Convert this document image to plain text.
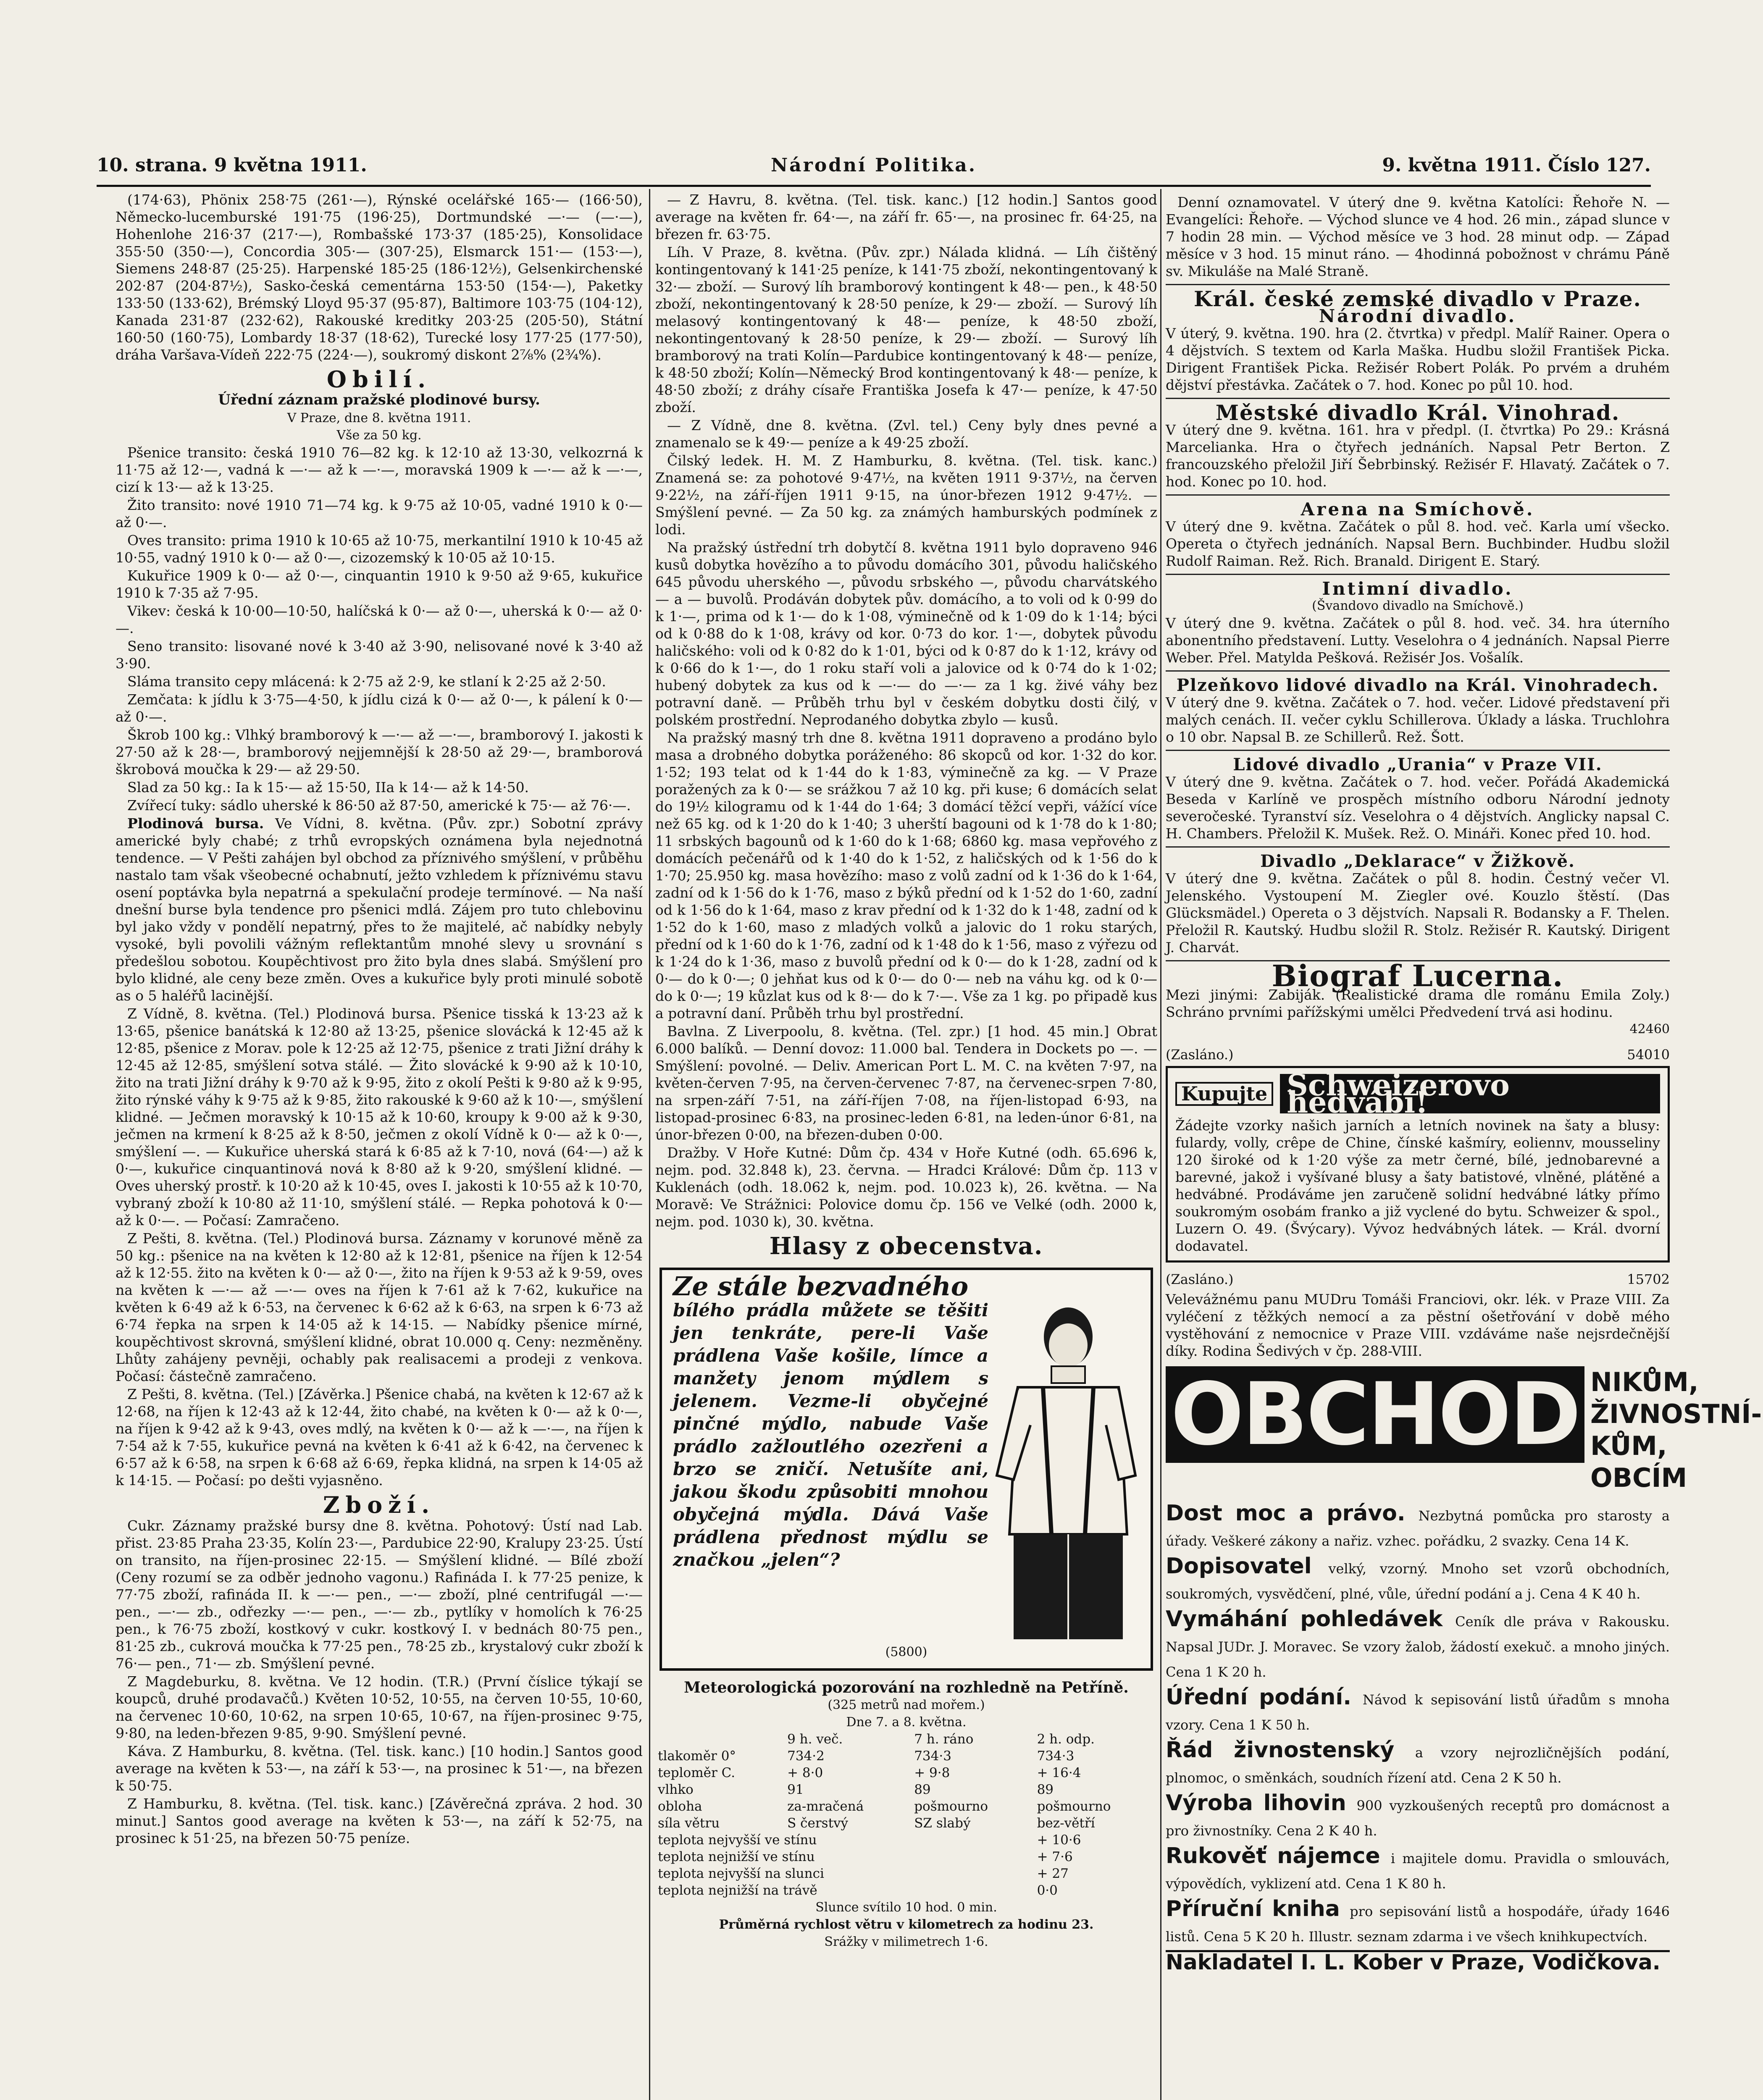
10. strana. 9 května 1911.	Národní Politika.	9. května 1911. Číslo 127.

(174·63), Phönix 258·75 (261·—), Rýnské ocelářské 165·— (166·50), Německo-lucemburské 191·75 (196·25), Dortmundské —·— (—·—), Hohenlohe 216·37 (217·—), Rombašské 173·37 (185·25), Konsolidace 355·50 (350·—), Concordia 305·— (307·25), Elsmarck 151·— (153·—), Siemens 248·87 (25·25). Harpenské 185·25 (186·12½), Gelsenkirchenské 202·87 (204·87½), Sasko-česká cementárna 153·50 (154·—), Paketky 133·50 (133·62), Brémský Lloyd 95·37 (95·87), Baltimore 103·75 (104·12), Kanada 231·87 (232·62), Rakouské kreditky 203·25 (205·50), Státní 160·50 (160·75), Lombardy 18·37 (18·62), Turecké losy 177·25 (177·50), dráha Varšava-Vídeň 222·75 (224·—), soukromý diskont 2⅞% (2¾%).

Obilí.
Úřední záznam pražské plodinové bursy.
V Praze, dne 8. května 1911.
Vše za 50 kg.

Pšenice transito: česká 1910 76—82 kg. k 12·10 až 13·30, velkozrná k 11·75 až 12·—, vadná k —·— až k —·—, moravská 1909 k —·— až k —·—, cizí k 13·— až k 13·25.

Žito transito: nové 1910 71—74 kg. k 9·75 až 10·05, vadné 1910 k 0·— až 0·—.

Oves transito: prima 1910 k 10·65 až 10·75, merkantilní 1910 k 10·45 až 10·55, vadný 1910 k 0·— až 0·—, cizozemský k 10·05 až 10·15.

Kukuřice 1909 k 0·— až 0·—, cinquantin 1910 k 9·50 až 9·65, kukuřice 1910 k 7·35 až 7·95.

Vikev: česká k 10·00—10·50, halíčská k 0·— až 0·—, uherská k 0·— až 0·—.

Seno transito: lisované nové k 3·40 až 3·90, nelisované nové k 3·40 až 3·90.

Sláma transito cepy mlácená: k 2·75 až 2·9, ke stlaní k 2·25 až 2·50.

Zemčata: k jídlu k 3·75—4·50, k jídlu cizá k 0·— až 0·—, k pálení k 0·— až 0·—.

Škrob 100 kg.: Vlhký bramborový k —·— až —·—, bramborový I. jakosti k 27·50 až k 28·—, bramborový nejjemnější k 28·50 až 29·—, bramborová škrobová moučka k 29·— až 29·50.

Slad za 50 kg.: Ia k 15·— až 15·50, IIa k 14·— až k 14·50.

Zvířecí tuky: sádlo uherské k 86·50 až 87·50, americké k 75·— až 76·—.

Plodinová bursa. Ve Vídni, 8. května. (Pův. zpr.) Sobotní zprávy americké byly chabé; z trhů evropských oznámena byla nejednotná tendence. — V Pešti zahájen byl obchod za příznivého smýšlení, v průběhu nastalo tam však všeobecné ochabnutí, ježto vzhledem k příznivému stavu osení poptávka byla nepatrná a spekulační prodeje termínové. — Na naší dnešní burse byla tendence pro pšenici mdlá. Zájem pro tuto chlebovinu byl jako vždy v pondělí nepatrný, přes to že majitelé, ač nabídky nebyly vysoké, byli povolili vážným reflektantům mnohé slevy u srovnání s předešlou sobotou. Koupěchtivost pro žito byla dnes slabá. Smýšlení pro bylo klidné, ale ceny beze změn. Oves a kukuřice byly proti minulé sobotě as o 5 haléřů lacinější.

Z Vídně, 8. května. (Tel.) Plodinová bursa. Pšenice tisská k 13·23 až k 13·65, pšenice banátská k 12·80 až 13·25, pšenice slovácká k 12·45 až k 12·85, pšenice z Morav. pole k 12·25 až 12·75, pšenice z trati Jižní dráhy k 12·45 až 12·85, smýšlení sotva stálé. — Žito slovácké k 9·90 až k 10·10, žito na trati Jižní dráhy k 9·70 až k 9·95, žito z okolí Pešti k 9·80 až k 9·95, žito rýnské váhy k 9·75 až k 9·85, žito rakouské k 9·60 až k 10·—, smýšlení klidné. — Ječmen moravský k 10·15 až k 10·60, kroupy k 9·00 až k 9·30, ječmen na krmení k 8·25 až k 8·50, ječmen z okolí Vídně k 0·— až k 0·—, smýšlení —. — Kukuřice uherská stará k 6·85 až k 7·10, nová (64·—) až k 0·—, kukuřice cinquantinová nová k 8·80 až k 9·20, smýšlení klidné. — Oves uherský prostř. k 10·20 až k 10·45, oves I. jakosti k 10·55 až k 10·70, vybraný zboží k 10·80 až 11·10, smýšlení stálé. — Repka pohotová k 0·— až k 0·—. — Počasí: Zamračeno.

Z Pešti, 8. května. (Tel.) Plodinová bursa. Záznamy v korunové měně za 50 kg.: pšenice na na květen k 12·80 až k 12·81, pšenice na říjen k 12·54 až k 12·55. žito na květen k 0·— až 0·—, žito na říjen k 9·53 až k 9·59, oves na květen k —·— až —·— oves na říjen k 7·61 až k 7·62, kukuřice na květen k 6·49 až k 6·53, na červenec k 6·62 až k 6·63, na srpen k 6·73 až 6·74 řepka na srpen k 14·05 až k 14·15. — Nabídky pšenice mírné, koupěchtivost skrovná, smýšlení klidné, obrat 10.000 q. Ceny: nezměněny. Lhůty zahájeny pevněji, ochably pak realisacemi a prodeji z venkova. Počasí: částečně zamračeno.

Z Pešti, 8. května. (Tel.) [Závěrka.] Pšenice chabá, na květen k 12·67 až k 12·68, na říjen k 12·43 až k 12·44, žito chabé, na květen k 0·— až k 0·—, na říjen k 9·42 až k 9·43, oves mdlý, na květen k 0·— až k —·—, na říjen k 7·54 až k 7·55, kukuřice pevná na květen k 6·41 až k 6·42, na červenec k 6·57 až k 6·58, na srpen k 6·68 až 6·69, řepka klidná, na srpen k 14·05 až k 14·15. — Počasí: po dešti vyjasněno.

Zboží.

Cukr. Záznamy pražské bursy dne 8. května. Pohotový: Ústí nad Lab. přist. 23·85 Praha 23·35, Kolín 23·—, Pardubice 22·90, Kralupy 23·25. Ústí on transito, na říjen-prosinec 22·15. — Smýšlení klidné. — Bílé zboží (Ceny rozumí se za odběr jednoho vagonu.) Rafináda I. k 77·25 penize, k 77·75 zboží, rafináda II. k —·— pen., —·— zboží, plné centrifugál —·— pen., —·— zb., odřezky —·— pen., —·— zb., pytlíky v homolích k 76·25 pen., k 76·75 zboží, kostkový v cukr. kostkový I. v bednách 80·75 pen., 81·25 zb., cukrová moučka k 77·25 pen., 78·25 zb., krystalový cukr zboží k 76·— pen., 71·— zb. Smýšlení pevné.

Z Magdeburku, 8. května. Ve 12 hodin. (T.R.) (První číslice týkají se koupců, druhé prodavačů.) Květen 10·52, 10·55, na červen 10·55, 10·60, na červenec 10·60, 10·62, na srpen 10·65, 10·67, na říjen-prosinec 9·75, 9·80, na leden-březen 9·85, 9·90. Smýšlení pevné.

Káva. Z Hamburku, 8. května. (Tel. tisk. kanc.) [10 hodin.] Santos good average na květen k 53·—, na září k 53·—, na prosinec k 51·—, na březen k 50·75.

Z Hamburku, 8. května. (Tel. tisk. kanc.) [Závěrečná zpráva. 2 hod. 30 minut.] Santos good average na květen k 53·—, na září k 52·75, na prosinec k 51·25, na březen 50·75 peníze.

— Z Havru, 8. května. (Tel. tisk. kanc.) [12 hodin.] Santos good average na květen fr. 64·—, na září fr. 65·—, na prosinec fr. 64·25, na březen fr. 63·75.

Líh. V Praze, 8. května. (Pův. zpr.) Nálada klidná. — Líh čištěný kontingentovaný k 141·25 peníze, k 141·75 zboží, nekontingentovaný k 32·— zboží. — Surový líh bramborový kontingent k 48·— pen., k 48·50 zboží, nekontingentovaný k 28·50 peníze, k 29·— zboží. — Surový líh melasový kontingentovaný k 48·— peníze, k 48·50 zboží, nekontingentovaný k 28·50 peníze, k 29·— zboží. — Surový líh bramborový na trati Kolín—Pardubice kontingentovaný k 48·— peníze, k 48·50 zboží; Kolín—Německý Brod kontingentovaný k 48·— peníze, k 48·50 zboží; z dráhy císaře Františka Josefa k 47·— peníze, k 47·50 zboží.

— Z Vídně, dne 8. května. (Zvl. tel.) Ceny byly dnes pevné a znamenalo se k 49·— peníze a k 49·25 zboží.

Čilský ledek. H. M. Z Hamburku, 8. května. (Tel. tisk. kanc.) Znamená se: za pohotové 9·47½, na květen 1911 9·37½, na červen 9·22½, na září-říjen 1911 9·15, na únor-březen 1912 9·47½. — Smýšlení pevné. — Za 50 kg. za známých hamburských podmínek z lodi.

Na pražský ústřední trh dobytčí 8. května 1911 bylo dopraveno 946 kusů dobytka hovězího a to původu domácího 301, původu haličského 645 původu uherského —, původu srbského —, původu charvátského — a — buvolů. Prodáván dobytek pův. domácího, a to voli od k 0·99 do k 1·—, prima od k 1·— do k 1·08, výminečně od k 1·09 do k 1·14; býci od k 0·88 do k 1·08, krávy od kor. 0·73 do kor. 1·—, dobytek původu haličského: voli od k 0·82 do k 1·01, býci od k 0·87 do k 1·12, krávy od k 0·66 do k 1·—, do 1 roku staří voli a jalovice od k 0·74 do k 1·02; hubený dobytek za kus od k —·— do —·— za 1 kg. živé váhy bez potravní daně. — Průběh trhu byl v českém dobytku dosti čilý, v polském prostřední. Neprodaného dobytka zbylo — kusů.

Na pražský masný trh dne 8. května 1911 dopraveno a prodáno bylo masa a drobného dobytka poráženého: 86 skopců od kor. 1·32 do kor. 1·52; 193 telat od k 1·44 do k 1·83, výminečně za kg. — V Praze poražených za k 0·— se srážkou 7 až 10 kg. při kuse; 6 domácích selat do 19½ kilogramu od k 1·44 do 1·64; 3 domácí těžcí vepři, vážící více než 65 kg. od k 1·20 do k 1·40; 3 uherští bagouni od k 1·78 do k 1·80; 11 srbských bagounů od k 1·60 do k 1·68; 6860 kg. masa vepřového z domácích pečenářů od k 1·40 do k 1·52, z haličských od k 1·56 do k 1·70; 25.950 kg. masa hovězího: maso z volů zadní od k 1·36 do k 1·64, zadní od k 1·56 do k 1·76, maso z býků přední od k 1·52 do 1·60, zadní od k 1·56 do k 1·64, maso z krav přední od k 1·32 do k 1·48, zadní od k 1·52 do k 1·60, maso z mladých volků a jalovic do 1 roku starých, přední od k 1·60 do k 1·76, zadní od k 1·48 do k 1·56, maso z výřezu od k 1·24 do k 1·36, maso z buvolů přední od k 0·— do k 1·28, zadní od k 0·— do k 0·—; 0 jehňat kus od k 0·— do 0·— neb na váhu kg. od k 0·— do k 0·—; 19 kůzlat kus od k 8·— do k 7·—. Vše za 1 kg. po připadě kus a potravní daní. Průběh trhu byl prostřední.

Bavlna. Z Liverpoolu, 8. května. (Tel. zpr.) [1 hod. 45 min.] Obrat 6.000 balíků. — Denní dovoz: 11.000 bal. Tendera in Dockets po —. — Smýšlení: povolné. — Deliv. American Port L. M. C. na květen 7·97, na květen-červen 7·95, na červen-červenec 7·87, na červenec-srpen 7·80, na srpen-září 7·51, na září-říjen 7·08, na říjen-listopad 6·93, na listopad-prosinec 6·83, na prosinec-leden 6·81, na leden-únor 6·81, na únor-březen 0·00, na březen-duben 0·00.

Dražby. V Hoře Kutné: Dům čp. 434 v Hoře Kutné (odh. 65.696 k, nejm. pod. 32.848 k), 23. června. — Hradci Králové: Dům čp. 113 v Kuklenách (odh. 18.062 k, nejm. pod. 10.023 k), 26. května. — Na Moravě: Ve Strážnici: Polovice domu čp. 156 ve Velké (odh. 2000 k, nejm. pod. 1030 k), 30. května.

Hlasy z obecenstva.
Ze stále bezvadného
bílého prádla můžete se těšiti jen tenkráte, pere-li Vaše prádlena Vaše košile, límce a manžety jenom mýdlem s jelenem. Vezme-li obyčejné pinčné mýdlo, nabude Vaše prádlo zažloutlého ozezřeni a brzo se zničí. Netušíte ani, jakou škodu způsobiti mnohou obyčejná mýdla. Dává Vaše prádlena přednost mýdlu se značkou „jelen“?
(5800)
Meteorologická pozorování na rozhledně na Petříně.
(325 metrů nad mořem.)
Dne 7. a 8. května.
	9 h. več.	7 h. ráno	2 h. odp.
tlakoměr 0°	734·2	734·3	734·3
teploměr C.	+ 8·0	+ 9·8	+ 16·4
vlhko	91	89	89
obloha	za-mračená	pošmourno	pošmourno
síla větru	S čerstvý	SZ slabý	bez-větří
teplota nejvyšší ve stínu			+ 10·6
teplota nejnižší ve stínu			+ 7·6
teplota nejvyšší na slunci			+ 27
teplota nejnižší na trávě			0·0
Slunce svítilo 10 hod. 0 min.
Průměrná rychlost větru v kilometrech za hodinu 23.
Srážky v milimetrech 1·6.

Denní oznamovatel. V úterý dne 9. května Katolíci: Řehoře N. — Evangelíci: Řehoře. — Východ slunce ve 4 hod. 26 min., západ slunce v 7 hodin 28 min. — Východ měsíce ve 3 hod. 28 minut odp. — Západ měsíce v 3 hod. 15 minut ráno. — 4hodinná pobožnost v chrámu Páně sv. Mikuláše na Malé Straně.

Král. české zemské divadlo v Praze.
Národní divadlo.
V úterý, 9. května. 190. hra (2. čtvrtka) v předpl. Malíř Rainer. Opera o 4 dějstvích. S textem od Karla Maška. Hudbu složil František Picka. Dirigent František Picka. Režisér Robert Polák. Po prvém a druhém dějství přestávka. Začátek o 7. hod. Konec po půl 10. hod.
Městské divadlo Král. Vinohrad.
V úterý dne 9. května. 161. hra v předpl. (I. čtvrtka) Po 29.: Krásná Marcelianka. Hra o čtyřech jednáních. Napsal Petr Berton. Z francouzského přeložil Jiří Šebrbinský. Režisér F. Hlavatý. Začátek o 7. hod. Konec po 10. hod.
Arena na Smíchově.
V úterý dne 9. května. Začátek o půl 8. hod. več. Karla umí všecko. Opereta o čtyřech jednáních. Napsal Bern. Buchbinder. Hudbu složil Rudolf Raiman. Rež. Rich. Branald. Dirigent E. Starý.
Intimní divadlo.
(Švandovo divadlo na Smíchově.)
V úterý dne 9. května. Začátek o půl 8. hod. več. 34. hra úterního abonentního představení. Lutty. Veselohra o 4 jednáních. Napsal Pierre Weber. Přel. Matylda Pešková. Režisér Jos. Vošalík.
Plzeňkovo lidové divadlo na Král. Vinohradech.
V úterý dne 9. května. Začátek o 7. hod. večer. Lidové představení při malých cenách. II. večer cyklu Schillerova. Úklady a láska. Truchlohra o 10 obr. Napsal B. ze Schillerů. Rež. Šott.
Lidové divadlo „Urania“ v Praze VII.
V úterý dne 9. května. Začátek o 7. hod. večer. Pořádá Akademická Beseda v Karlíně ve prospěch místního odboru Národní jednoty severočeské. Tyranství síz. Veselohra o 4 dějstvích. Anglicky napsal C. H. Chambers. Přeložil K. Mušek. Rež. O. Mináři. Konec před 10. hod.
Divadlo „Deklarace“ v Žižkově.
V úterý dne 9. května. Začátek o půl 8. hodin. Čestný večer Vl. Jelenského. Vystoupení M. Ziegler ové. Kouzlo štěstí. (Das Glücksmädel.) Opereta o 3 dějstvích. Napsali R. Bodansky a F. Thelen. Přeložil R. Kautský. Hudbu složil R. Stolz. Režisér R. Kautský. Dirigent J. Charvát.
Biograf Lucerna.
Mezi jinými: Zabiják. (Realistické drama dle románu Emila Zoly.) Schráno prvními pařížskými umělci Předvedení trvá asi hodinu.
42460
(Zasláno.)	54010
Kupujte Schweizerovo hedvábí!
Žádejte vzorky našich jarních a letních novinek na šaty a blusy: fulardy, volly, crêpe de Chine, čínské kašmíry, eoliennv, mousseliny 120 široké od k 1·20 výše za metr černé, bílé, jednobarevné a barevné, jakož i vyšívané blusy a šaty batistové, vlněné, plátěné a hedvábné. Prodáváme jen zaručeně solidní hedvábné látky přímo soukromým osobám franko a již vyclené do bytu. Schweizer & spol., Luzern O. 49. (Švýcary). Vývoz hedvábných látek. — Král. dvorní dodavatel.
(Zasláno.)	15702
Velevážnému panu MUDru Tomáši Franciovi, okr. lék. v Praze VIII. Za vyléčení z těžkých nemocí a za pěstní ošetřování v době mého vystěhování z nemocnice v Praze VIII. vzdáváme naše nejsrdečnější díky. Rodina Šedivých v čp. 288-VIII.
OBCHOD NIKŮM,
ŽIVNOSTNÍ-
KŮM, OBCÍM
Dost moc a právo. Nezbytná pomůcka pro starosty a úřady. Veškeré zákony a nařiz. vzhec. pořádku, 2 svazky. Cena 14 K.
Dopisovatel velký, vzorný. Mnoho set vzorů obchodních, soukromých, vysvědčení, plné, vůle, úřední podání a j. Cena 4 K 40 h.
Vymáhání pohledávek Ceník dle práva v Rakousku. Napsal JUDr. J. Moravec. Se vzory žalob, žádostí exekuč. a mnoho jiných. Cena 1 K 20 h.
Úřední podání. Návod k sepisování listů úřadům s mnoha vzory. Cena 1 K 50 h.
Řád živnostenský a vzory nejrozličnějších podání, plnomoc, o směnkách, soudních řízení atd. Cena 2 K 50 h.
Výroba lihovin 900 vyzkoušených receptů pro domácnost a pro živnostníky. Cena 2 K 40 h.
Rukověť nájemce i majitele domu. Pravidla o smlouvách, výpovědích, vyklizení atd. Cena 1 K 80 h.
Příruční kniha pro sepisování listů a hospodáře, úřady 1646 listů. Cena 5 K 20 h. Illustr. seznam zdarma i ve všech knihkupectvích.
Nakladatel I. L. Kober v Praze, Vodičkova.
